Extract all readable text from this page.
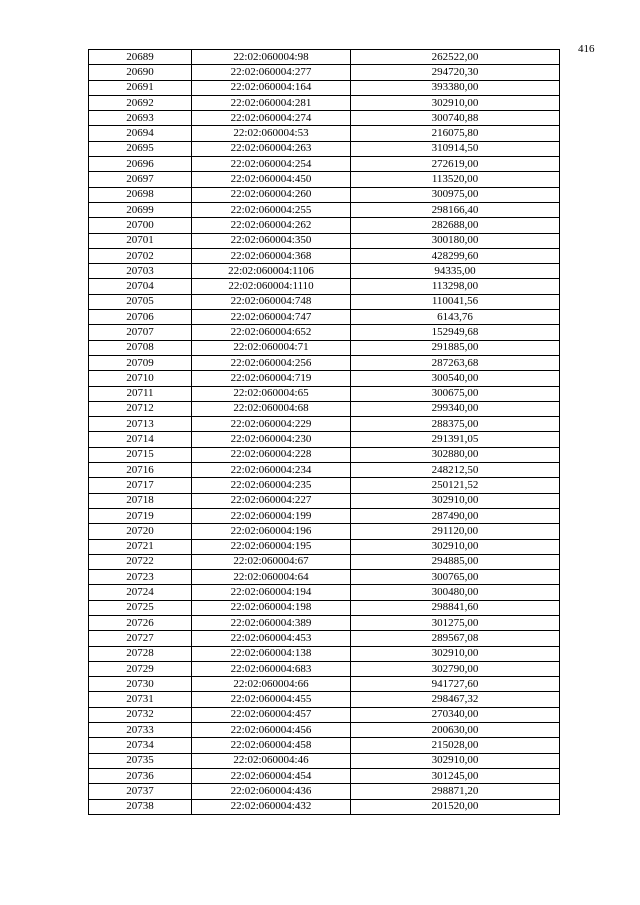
416
20689	22:02:060004:98	262522,00
20690	22:02:060004:277	294720,30
20691	22:02:060004:164	393380,00
20692	22:02:060004:281	302910,00
20693	22:02:060004:274	300740,88
20694	22:02:060004:53	216075,80
20695	22:02:060004:263	310914,50
20696	22:02:060004:254	272619,00
20697	22:02:060004:450	113520,00
20698	22:02:060004:260	300975,00
20699	22:02:060004:255	298166,40
20700	22:02:060004:262	282688,00
20701	22:02:060004:350	300180,00
20702	22:02:060004:368	428299,60
20703	22:02:060004:1106	94335,00
20704	22:02:060004:1110	113298,00
20705	22:02:060004:748	110041,56
20706	22:02:060004:747	6143,76
20707	22:02:060004:652	152949,68
20708	22:02:060004:71	291885,00
20709	22:02:060004:256	287263,68
20710	22:02:060004:719	300540,00
20711	22:02:060004:65	300675,00
20712	22:02:060004:68	299340,00
20713	22:02:060004:229	288375,00
20714	22:02:060004:230	291391,05
20715	22:02:060004:228	302880,00
20716	22:02:060004:234	248212,50
20717	22:02:060004:235	250121,52
20718	22:02:060004:227	302910,00
20719	22:02:060004:199	287490,00
20720	22:02:060004:196	291120,00
20721	22:02:060004:195	302910,00
20722	22:02:060004:67	294885,00
20723	22:02:060004:64	300765,00
20724	22:02:060004:194	300480,00
20725	22:02:060004:198	298841,60
20726	22:02:060004:389	301275,00
20727	22:02:060004:453	289567,08
20728	22:02:060004:138	302910,00
20729	22:02:060004:683	302790,00
20730	22:02:060004:66	941727,60
20731	22:02:060004:455	298467,32
20732	22:02:060004:457	270340,00
20733	22:02:060004:456	200630,00
20734	22:02:060004:458	215028,00
20735	22:02:060004:46	302910,00
20736	22:02:060004:454	301245,00
20737	22:02:060004:436	298871,20
20738	22:02:060004:432	201520,00
